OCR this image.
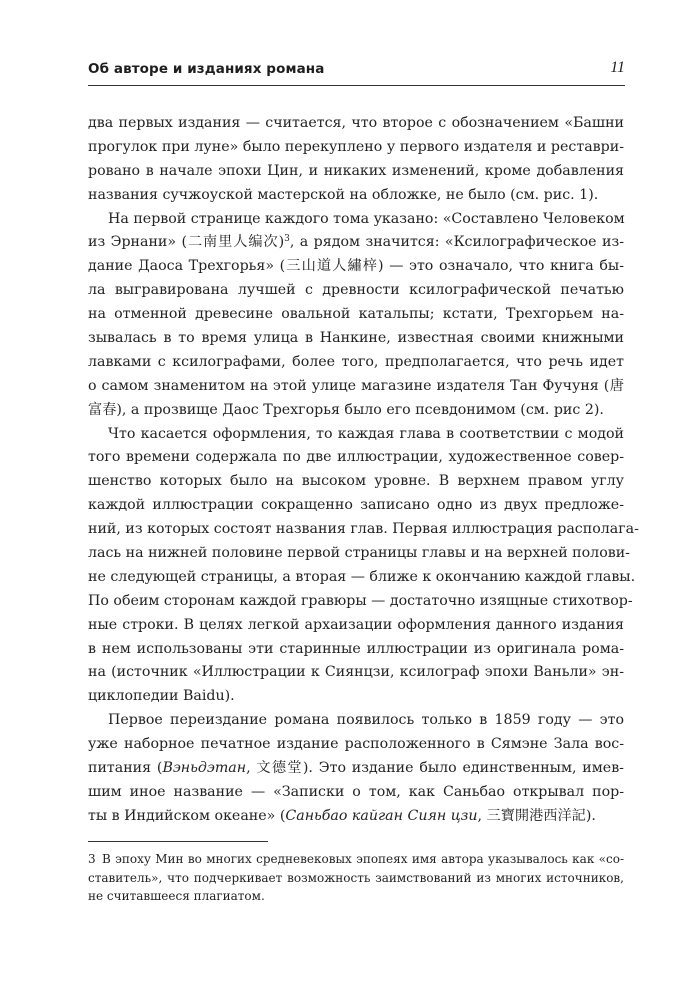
Об авторе и изданиях романа	11
два первых издания — считается, что второе с обозначением «Башни
прогулок при луне» было перекуплено у первого издателя и реставри-
ровано в начале эпохи Цин, и никаких изменений, кроме добавления
названия сучжоуской мастерской на обложке, не было (см. рис. 1).
На первой странице каждого тома указано: «Составлено Человеком
из Эрнани» (二南里人编次)$^3$, а рядом значится: «Ксилографическое из-
дание Даоса Трехгорья» (三山道人繡梓) — это означало, что книга бы-
ла выгравирована лучшей с древности ксилографической печатью
на отменной древесине овальной катальпы; кстати, Трехгорьем на-
зывалась в то время улица в Нанкине, известная своими книжными
лавками с ксилографами, более того, предполагается, что речь идет
о самом знаменитом на этой улице магазине издателя Тан Фучуня (唐
富春), а прозвище Даос Трехгорья было его псевдонимом (см. рис 2).
Что касается оформления, то каждая глава в соответствии с модой
того времени содержала по две иллюстрации, художественное совер-
шенство которых было на высоком уровне. В верхнем правом углу
каждой иллюстрации сокращенно записано одно из двух предложе-
ний, из которых состоят названия глав. Первая иллюстрация располага-
лась на нижней половине первой страницы главы и на верхней полови-
не следующей страницы, а вторая — ближе к окончанию каждой главы.
По обеим сторонам каждой гравюры — достаточно изящные стихотвор-
ные строки. В целях легкой архаизации оформления данного издания
в нем использованы эти старинные иллюстрации из оригинала рома-
на (источник «Иллюстрации к Сиянцзи, ксилограф эпохи Ваньли» эн-
циклопедии Baidu).
Первое переиздание романа появилось только в 1859 году — это
уже наборное печатное издание расположенного в Сямэне Зала вос-
питания (Вэньдэтан, 文德堂). Это издание было единственным, имев-
шим иное название — «Записки о том, как Саньбао открывал пор-
ты в Индийском океане» (Саньбао кайган Сиян цзи, 三寶開港西洋記).
3 В эпоху Мин во многих средневековых эпопеях имя автора указывалось как «со-
ставитель», что подчеркивает возможность заимствований из многих источников,
не считавшееся плагиатом.
